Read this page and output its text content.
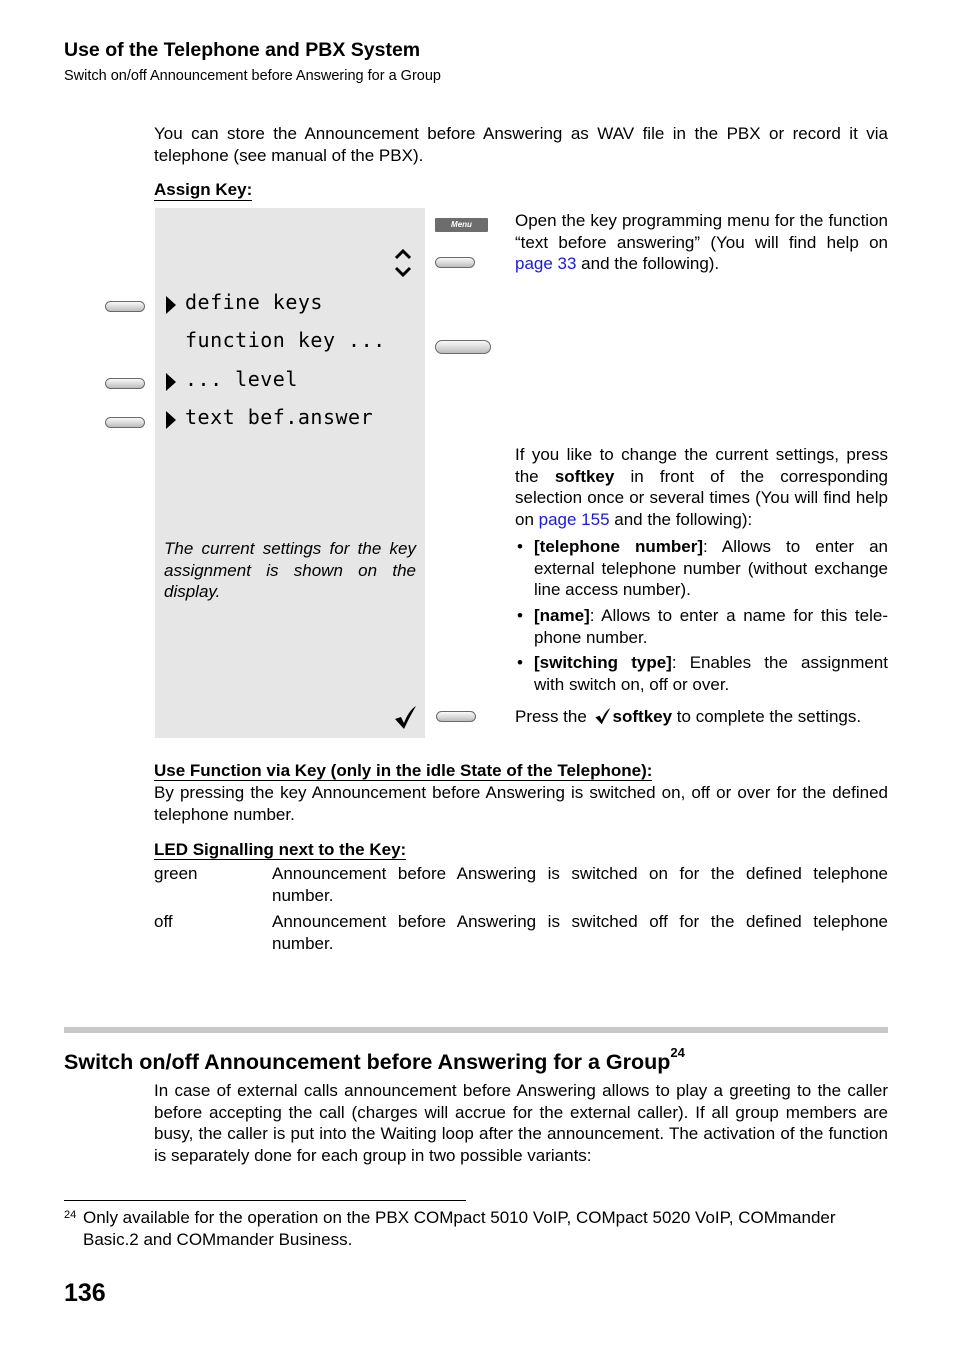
Use of the Telephone and PBX System
Switch on/off Announcement before Answering for a Group
You can store the Announcement before Answering as WAV file in the PBX or record it via telephone (see manual of the PBX).
Assign Key:
define keys
function key ...
... level
text bef.answer
The current settings for the key assignment is shown on the display.
Menu	Open the key programming menu for the function “text before answering” (You will find help on page 33 and the following).
If you like to change the current settings, press the softkey in front of the corresponding selection once or several times (You will find help on page 155 and the following):
• [telephone number]: Allows to enter an external telephone number (without exchange line access number).
• [name]: Allows to enter a name for this telephone number.
• [switching type]: Enables the assignment with switch on, off or over.
Press the softkey to complete the settings.
Use Function via Key (only in the idle State of the Telephone):
By pressing the key Announcement before Answering is switched on, off or over for the defined telephone number.
LED Signalling next to the Key:
green	Announcement before Answering is switched on for the defined telephone number.
off	Announcement before Answering is switched off for the defined telephone number.
Switch on/off Announcement before Answering for a Group$^{24}$
In case of external calls announcement before Answering allows to play a greeting to the caller before accepting the call (charges will accrue for the external caller). If all group members are busy, the caller is put into the Waiting loop after the announcement. The activation of the function is separately done for each group in two possible variants:
24 Only available for the operation on the PBX COMpact 5010 VoIP, COMpact 5020 VoIP, COMmander Basic.2 and COMmander Business.
136
